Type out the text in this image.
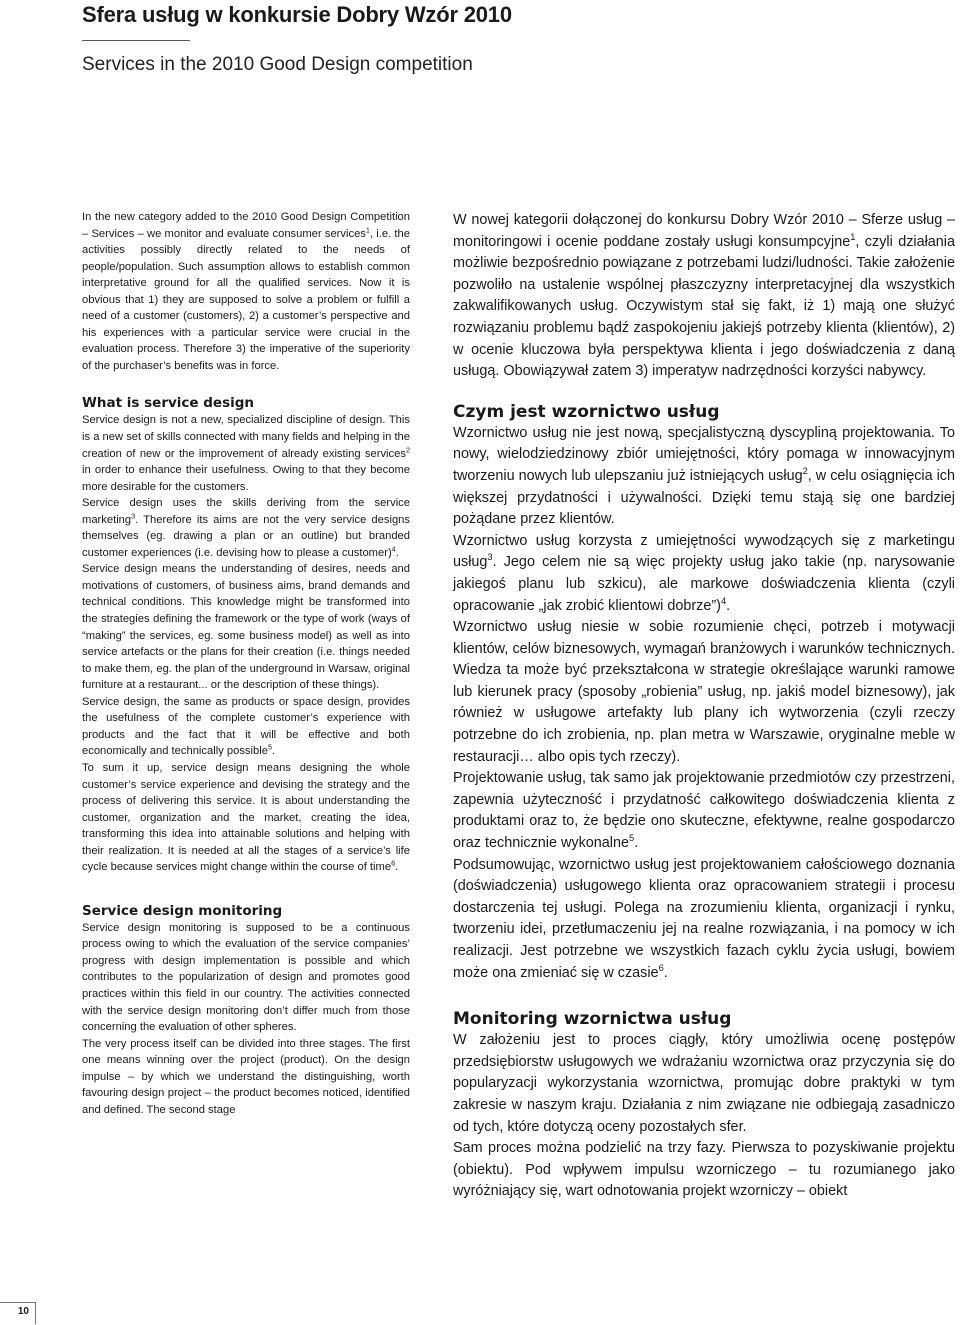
Sfera usług w konkursie Dobry Wzór 2010
Services in the 2010 Good Design competition

In the new category added to the 2010 Good Design Competition – Services – we monitor and evaluate consumer services$^1$, i.e. the activities possibly directly related to the needs of people/population. Such assumption allows to establish common interpretative ground for all the qualified services. Now it is obvious that 1) they are supposed to solve a problem or fulfill a need of a customer (customers), 2) a customer’s perspective and his experiences with a particular service were crucial in the evaluation process. Therefore 3) the imperative of the superiority of the purchaser’s benefits was in force.

What is service design

Service design is not a new, specialized discipline of design. This is a new set of skills connected with many fields and helping in the creation of new or the improvement of already existing services$^2$ in order to enhance their usefulness. Owing to that they become more desirable for the customers.

Service design uses the skills deriving from the service marketing$^3$. Therefore its aims are not the very service designs themselves (eg. drawing a plan or an outline) but branded customer experiences (i.e. devising how to please a customer)$^4$.

Service design means the understanding of desires, needs and motivations of customers, of business aims, brand demands and technical conditions. This knowledge might be transformed into the strategies defining the framework or the type of work (ways of “making” the services, eg. some business model) as well as into service artefacts or the plans for their creation (i.e. things needed to make them, eg. the plan of the underground in Warsaw, original furniture at a restaurant... or the description of these things).

Service design, the same as products or space design, provides the usefulness of the complete customer’s experience with products and the fact that it will be effective and both economically and technically possible$^5$.

To sum it up, service design means designing the whole customer’s service experience and devising the strategy and the process of delivering this service. It is about understanding the customer, organization and the market, creating the idea, transforming this idea into attainable solutions and helping with their realization. It is needed at all the stages of a service’s life cycle because services might change within the course of time$^6$.

Service design monitoring

Service design monitoring is supposed to be a continuous process owing to which the evaluation of the service companies’ progress with design implementation is possible and which contributes to the popularization of design and promotes good practices within this field in our country. The activities connected with the service design monitoring don’t differ much from those concerning the evaluation of other spheres.

The very process itself can be divided into three stages. The first one means winning over the project (product). On the design impulse – by which we understand the distinguishing, worth favouring design project – the product becomes noticed, identified and defined. The second stage

W nowej kategorii dołączonej do konkursu Dobry Wzór 2010 – Sferze usług – monitoringowi i ocenie poddane zostały usługi konsumpcyjne$^1$, czyli działania możliwie bezpośrednio powiązane z potrzebami ludzi/ludności. Takie założenie pozwoliło na ustalenie wspólnej płaszczyzny interpretacyjnej dla wszystkich zakwalifikowanych usług. Oczywistym stał się fakt, iż 1) mają one służyć rozwiązaniu problemu bądź zaspokojeniu jakiejś potrzeby klienta (klientów), 2) w ocenie kluczowa była perspektywa klienta i jego doświadczenia z daną usługą. Obowiązywał zatem 3) imperatyw nadrzędności korzyści nabywcy.

Czym jest wzornictwo usług

Wzornictwo usług nie jest nową, specjalistyczną dyscypliną projektowania. To nowy, wielodziedzinowy zbiór umiejętności, który pomaga w innowacyjnym tworzeniu nowych lub ulepszaniu już istniejących usług$^2$, w celu osiągnięcia ich większej przydatności i używalności. Dzięki temu stają się one bardziej pożądane przez klientów.

Wzornictwo usług korzysta z umiejętności wywodzących się z marketingu usług$^3$. Jego celem nie są więc projekty usług jako takie (np. narysowanie jakiegoś planu lub szkicu), ale markowe doświadczenia klienta (czyli opracowanie „jak zrobić klientowi dobrze”)$^4$.

Wzornictwo usług niesie w sobie rozumienie chęci, potrzeb i motywacji klientów, celów biznesowych, wymagań branżowych i warunków technicznych. Wiedza ta może być przekształcona w strategie określające warunki ramowe lub kierunek pracy (sposoby „robienia” usług, np. jakiś model biznesowy), jak również w usługowe artefakty lub plany ich wytworzenia (czyli rzeczy potrzebne do ich zrobienia, np. plan metra w Warszawie, oryginalne meble w restauracji… albo opis tych rzeczy).

Projektowanie usług, tak samo jak projektowanie przedmiotów czy przestrzeni, zapewnia użyteczność i przydatność całkowitego doświadczenia klienta z produktami oraz to, że będzie ono skuteczne, efektywne, realne gospodarczo oraz technicznie wykonalne$^5$.

Podsumowując, wzornictwo usług jest projektowaniem całościowego doznania (doświadczenia) usługowego klienta oraz opracowaniem strategii i procesu dostarczenia tej usługi. Polega na zrozumieniu klienta, organizacji i rynku, tworzeniu idei, przetłumaczeniu jej na realne rozwiązania, i na pomocy w ich realizacji. Jest potrzebne we wszystkich fazach cyklu życia usługi, bowiem może ona zmieniać się w czasie$^6$.

Monitoring wzornictwa usług

W założeniu jest to proces ciągły, który umożliwia ocenę postępów przedsiębiorstw usługowych we wdrażaniu wzornictwa oraz przyczynia się do popularyzacji wykorzystania wzornictwa, promując dobre praktyki w tym zakresie w naszym kraju. Działania z nim związane nie odbiegają zasadniczo od tych, które dotyczą oceny pozostałych sfer.

Sam proces można podzielić na trzy fazy. Pierwsza to pozyskiwanie projektu (obiektu). Pod wpływem impulsu wzorniczego – tu rozumianego jako wyróżniający się, wart odnotowania projekt wzorniczy – obiekt

10
